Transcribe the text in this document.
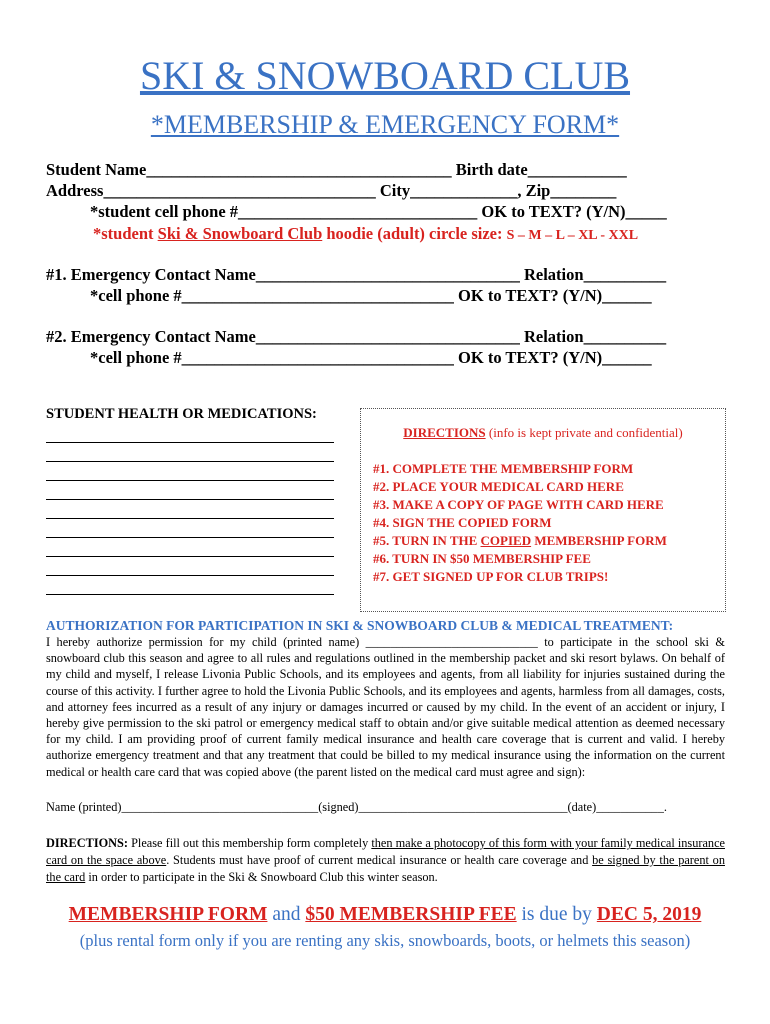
SKI & SNOWBOARD CLUB
*MEMBERSHIP & EMERGENCY FORM*
Student Name_____________________________________ Birth date____________
Address_________________________________ City_____________, Zip________
*student cell phone #_____________________________ OK to TEXT? (Y/N)_____
*student Ski & Snowboard Club hoodie (adult) circle size: S – M – L – XL - XXL
#1. Emergency Contact Name________________________________ Relation__________
*cell phone #_________________________________ OK to TEXT? (Y/N)______
#2. Emergency Contact Name________________________________ Relation__________
*cell phone #_________________________________ OK to TEXT? (Y/N)______
STUDENT HEALTH OR MEDICATIONS:
DIRECTIONS (info is kept private and confidential)
#1. COMPLETE THE MEMBERSHIP FORM
#2. PLACE YOUR MEDICAL CARD HERE
#3. MAKE A COPY OF PAGE WITH CARD HERE
#4. SIGN THE COPIED FORM
#5. TURN IN THE COPIED MEMBERSHIP FORM
#6. TURN IN $50 MEMBERSHIP FEE
#7. GET SIGNED UP FOR CLUB TRIPS!
AUTHORIZATION FOR PARTICIPATION IN SKI & SNOWBOARD CLUB & MEDICAL TREATMENT:
I hereby authorize permission for my child (printed name) ____________________________ to participate in the school ski & snowboard club this season and agree to all rules and regulations outlined in the membership packet and ski resort bylaws. On behalf of my child and myself, I release Livonia Public Schools, and its employees and agents, from all liability for injuries sustained during the course of this activity. I further agree to hold the Livonia Public Schools, and its employees and agents, harmless from all damages, costs, and attorney fees incurred as a result of any injury or damages incurred or caused by my child. In the event of an accident or injury, I hereby give permission to the ski patrol or emergency medical staff to obtain and/or give suitable medical attention as deemed necessary for my child. I am providing proof of current family medical insurance and health care coverage that is current and valid. I hereby authorize emergency treatment and that any treatment that could be billed to my medical insurance using the information on the current medical or health care card that was copied above (the parent listed on the medical card must agree and sign):
Name (printed)________________________________(signed)__________________________________(date)___________.
DIRECTIONS: Please fill out this membership form completely then make a photocopy of this form with your family medical insurance card on the space above. Students must have proof of current medical insurance or health care coverage and be signed by the parent on the card in order to participate in the Ski & Snowboard Club this winter season.
MEMBERSHIP FORM and $50 MEMBERSHIP FEE is due by DEC 5, 2019
(plus rental form only if you are renting any skis, snowboards, boots, or helmets this season)
